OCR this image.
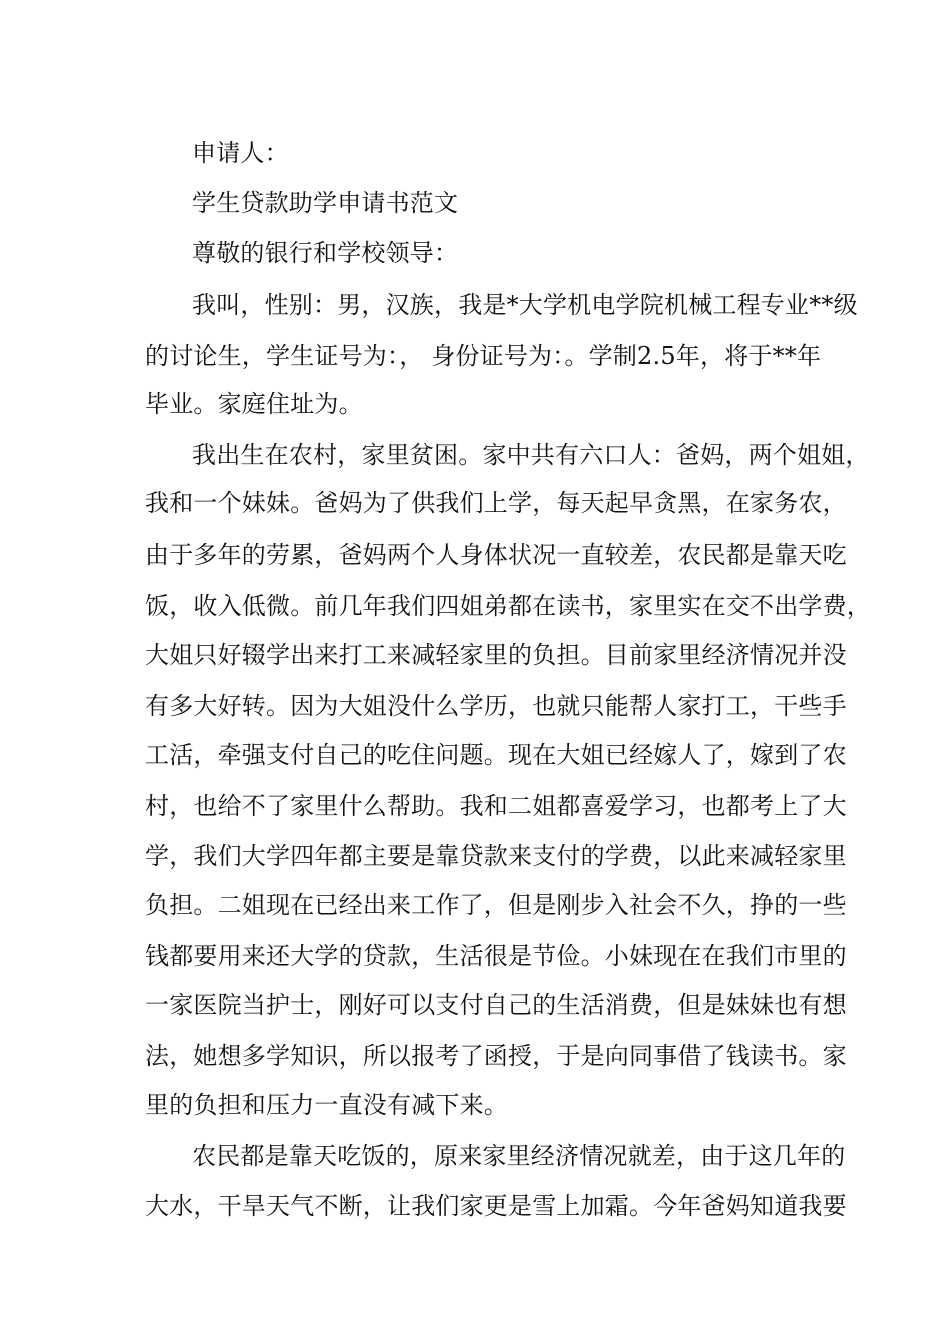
申请人：
学生贷款助学申请书范文
尊敬的银行和学校领导：
我叫，性别：男，汉族，我是*大学机电学院机械工程专业**级
的讨论生，学生证号为：， 身份证号为：。学制2.5年，将于**年
毕业。家庭住址为。
我出生在农村，家里贫困。家中共有六口人：爸妈，两个姐姐，
我和一个妹妹。爸妈为了供我们上学，每天起早贪黑，在家务农，
由于多年的劳累，爸妈两个人身体状况一直较差，农民都是靠天吃
饭，收入低微。前几年我们四姐弟都在读书，家里实在交不出学费，
大姐只好辍学出来打工来减轻家里的负担。目前家里经济情况并没
有多大好转。因为大姐没什么学历，也就只能帮人家打工，干些手
工活，牵强支付自己的吃住问题。现在大姐已经嫁人了，嫁到了农
村，也给不了家里什么帮助。我和二姐都喜爱学习，也都考上了大
学，我们大学四年都主要是靠贷款来支付的学费，以此来减轻家里
负担。二姐现在已经出来工作了，但是刚步入社会不久，挣的一些
钱都要用来还大学的贷款，生活很是节俭。小妹现在在我们市里的
一家医院当护士，刚好可以支付自己的生活消费，但是妹妹也有想
法，她想多学知识，所以报考了函授，于是向同事借了钱读书。家
里的负担和压力一直没有减下来。
农民都是靠天吃饭的，原来家里经济情况就差，由于这几年的
大水，干旱天气不断，让我们家更是雪上加霜。今年爸妈知道我要
